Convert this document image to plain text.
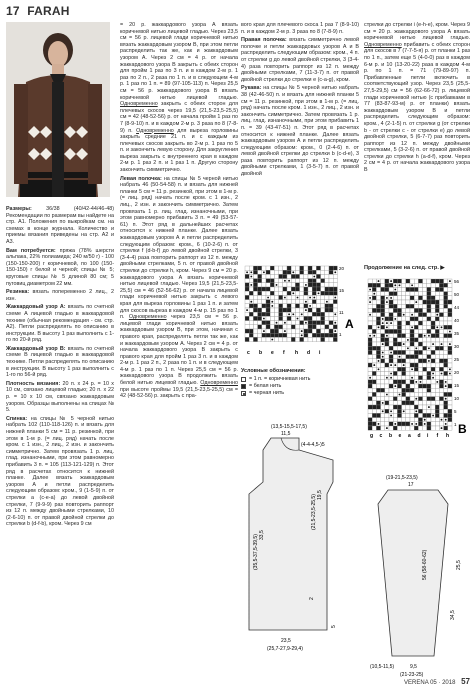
17 FARAH

Размеры:	36/38 (40/42-44/46-48) Рекомендации по размерам вы найдете на стр. А1. Положения по выкройкам см. на схемах в конце журнала. Количество и приемы вязания приведены на стр. А2 и А3.

Вам потребуется: пряжа (78% шерсти альпака, 22% полиамида; 240 м/50 г) - 100 (150-150-200) г коричневой, по 100 (150-150-150) г белой и черной; спицы № 5; круговые спицы № 5 длиной 80 см; 5 пуговиц диаметром 22 мм.

Резинка: вязать попеременно 2 лиц., 2 изн.

Жаккардовый узор А: вязать по счетной схеме А лицевой гладью в жаккардовой технике (обычная рекомендация - см. стр. А2). Петли распределять по описанию в инструкции. В высоту 1 раз выполнить с 1-го по 20-й ряд.

Жаккардовый узор В: вязать по счетной схеме В лицевой гладью в жаккардовой технике. Петли распределять по описанию в инструкции. В высоту 1 раз выполнить с 1-го по 56-й ряд.

Плотность вязания: 20 п. х 24 р. = 10 х 10 см, связано лицевой гладью; 20 п. х 22 р. = 10 х 10 см, связано жаккардовым узором. Образцы выполнены на спицах № 5.

Спинка: на спицы № 5 черной нитью набрать 102 (110-118-126) п. и вязать для нижней планки 5 см = 11 р. резинкой, при этом в 1-м р. (= лиц. ряд) начать после кром. с 1 изн., 2 лиц., 2 изн. и закончить симметрично. Затем провязать 1 р. лиц. глад. изнаночными, при этом равномерно прибавить 3 п. = 105 (113-121-129) п. Этот ряд в расчетах относится к нижней планке. Далее вязать жаккардовым узором А и петли распределить следующим образом: кром., 9 (1-5-9) п. от стрелки а (с-е-а) до левой двойной стрелки, 7 (9-9-9) раз повторить раппорт из 12 п. между двойными стрелками, 10 (2-6-10) п. от правой двойной стрелки до стрелки b (d-f-b), кром. Через 9 см

= 20 р. жаккардового узора А вязать коричневой нитью лицевой гладью. Через 23,5 см = 56 р. лицевой глади коричневой нитью вязать жаккардовым узором В, при этом петли распределить так же, как и жаккардовым узором А. Через 2 см = 4 р. от начала жаккардового узора В закрыть с обеих сторон для пройм 1 раз по 3 п. и в каждом 2-м р. 1 раз по 2 п., 2 раза по 1 п. и в следующем 4-м р. 1 раз по 1 п. = 89 (97-105-113) п. Через 25,5 см = 56 р. жаккардового узора В вязать коричневой нитью лицевой гладью. Одновременно закрыть с обеих сторон для плечевых скосов через 19,5 (21,5-23,5-25,5) см = 42 (48-52-56) р. от начала пройм 1 раз по 7 (8-9-10) п. и в каждом 2-м р. 3 раза по 8 (7-8-9) п. Одновременно для выреза горловины закрыть средние 21 п. и с каждым из плечевых скосов закрыть во 2-м р. 1 раз по 5 п. и закончить левую сторону. Для закругления выреза закрыть с внутреннего края в каждом 2-м р. 1 раз 2 п. и 1 раз 1 п. Другую сторону закончить симметрично.

Левая полочка: на спицы № 5 черной нитью набрать 46 (50-54-58) п. и вязать для нижней планки 5 см = 11 р. резинкой, при этом в 1-м р. (= лиц. ряд) начать после кром. с 1 изн., 2 лиц., 2 изн. и закончить симметрично. Затем провязать 1 р. лиц. глад. изнаночными, при этом равномерно прибавить 3 п. = 49 (53-57-61) п. Этот ряд в дальнейших расчетах относится к нижней планке. Далее вязать жаккардовым узором А и петли распределить следующим образом: кром., 6 (10-2-6) п. от стрелки f (d-b-f) до левой двойной стрелки, 3 (3-4-4) раза повторить раппорт из 12 п. между двойными стрелками, 5 п. от правой двойной стрелки до стрелки h, кром. Через 9 см = 20 р. жаккардового узора А вязать коричневой нитью лицевой гладью. Через 19,5 (21,5-23,5-25,5) см = 46 (52-56-62) р. от начала лицевой глади коричневой нитью закрыть с левого края для выреза горловины 1 раз 1 п. и затем для скосов выреза в каждом 4-м р. 15 раз по 1 п. Одновременно через 23,5 см = 56 р. лицевой глади коричневой нитью вязать жаккардовым узором В, при этом, начиная с правого края, распределять петли так же, как и жаккардовым узором А. Через 2 см = 4 р. от начала жаккардового узора В закрыть с правого края для пройм 1 раз 3 п. и в каждом 2-м р. 1 раз 2 п., 2 раза по 1 п. и в следующем 4-м р. 1 раз по 1 п. Через 25,5 см = 56 р. жаккардового узора В продолжить вязать белой нитью лицевой гладью. Одновременно при высоте проймы 19,5 (21,5-23,5-25,5) см = 42 (48-52-56) р. закрыть с пра-

вого края для плечевого скоса 1 раз 7 (8-9-10) п. и в каждом 2-м р. 3 раза по 8 (7-8-9) п.

Правая полочка: вязать симметрично левой полочке и петли жаккардовых узоров А и В распределить следующим образом: кром., 4 п. от стрелки g до левой двойной стрелки, 3 (3-4-4) раза повторить раппорт из 12 п. между двойными стрелками, 7 (11-3-7) п. от правой двойной стрелки до стрелки е (с-а-g), кром.

Рукава: на спицы № 5 черной нитью набрать 38 (42-46-50) п. и вязать для нижней планки 5 см = 11 р. резинкой, при этом в 1-м р. (= лиц. ряд) начать после кром. 1 изн., 2 лиц., 2 изн. и закончить симметрично. Затем провязать 1 р. лиц. глад. изнаночными, при этом прибавить 1 п. = 39 (43-47-51) п. Этот ряд в расчетах относится к нижней планке. Далее вязать жаккардовым узором А и петли распределить следующим образом: кром., 0 (2-4-6) п. от левой двойной стрелки до стрелки b (с-d-е), 3 раза повторить раппорт из 12 п. между двойными стрелками, 1 (3-5-7) п. от правой двойной

стрелки до стрелки i (е-h-е), кром. Через 9 см = 20 р. жаккардового узора А вязать коричневой нитью лицевой гладью. Одновременно прибавить с обеих сторон для скосов в 7 (7-7-5-я) р. от планки 1 раз по 1 п., затем еще 5 (4-0-0) раз в каждом 6-м р. и 10 (13-20-22) раза в каждом 4-м р. по 1 п. = 71 (79-89-97) п. Прибавленные петли включить в соответствующий узор. Через 23,5 (25,5-27,5-29,5) см = 56 (62-66-72) р. лицевой глади коричневой нитью (с прибавками в 77 (83-87-93-м) р. от планки) вязать жаккардовым узором В и петли распределить следующим образом: кром., 4 (2-1-5) п. от стрелки g (от стрелки b - от стрелки с - от стрелки е) до левой двойной стрелки, 5 (6-7-7) раз повторить раппорт из 12 п. между двойными стрелками, 5 (3-2-6) п. от правой двойной стрелки до стрелки h (а-d-f), кром. Через 2 см = 4 р. от начала жаккардового узора В

Продолжение на след. стр. ▶
c b e f h d i
20
15
11
1
A
Условные обозначения:
= 1 п. = коричневая нить
= белая нить
= черная нить
g c b e a d i f h
56
50
44
40
35
30
25
20
15
10
5
1 B
(13,5-15,5-17,5)
11,5
(4-4-4,5-)5
23,5
(25,7-27,9-29,4)
(35,5-37,5-39,5) 33,5
(21,5-23,5-25,5) 19,5
2
5
(19-21,5-23,5)
17
(10,5-11,5)	9,5
(21-23-25)
56 (58-60-62)
34,5
25,5
VERENA 05 · 2018 57
